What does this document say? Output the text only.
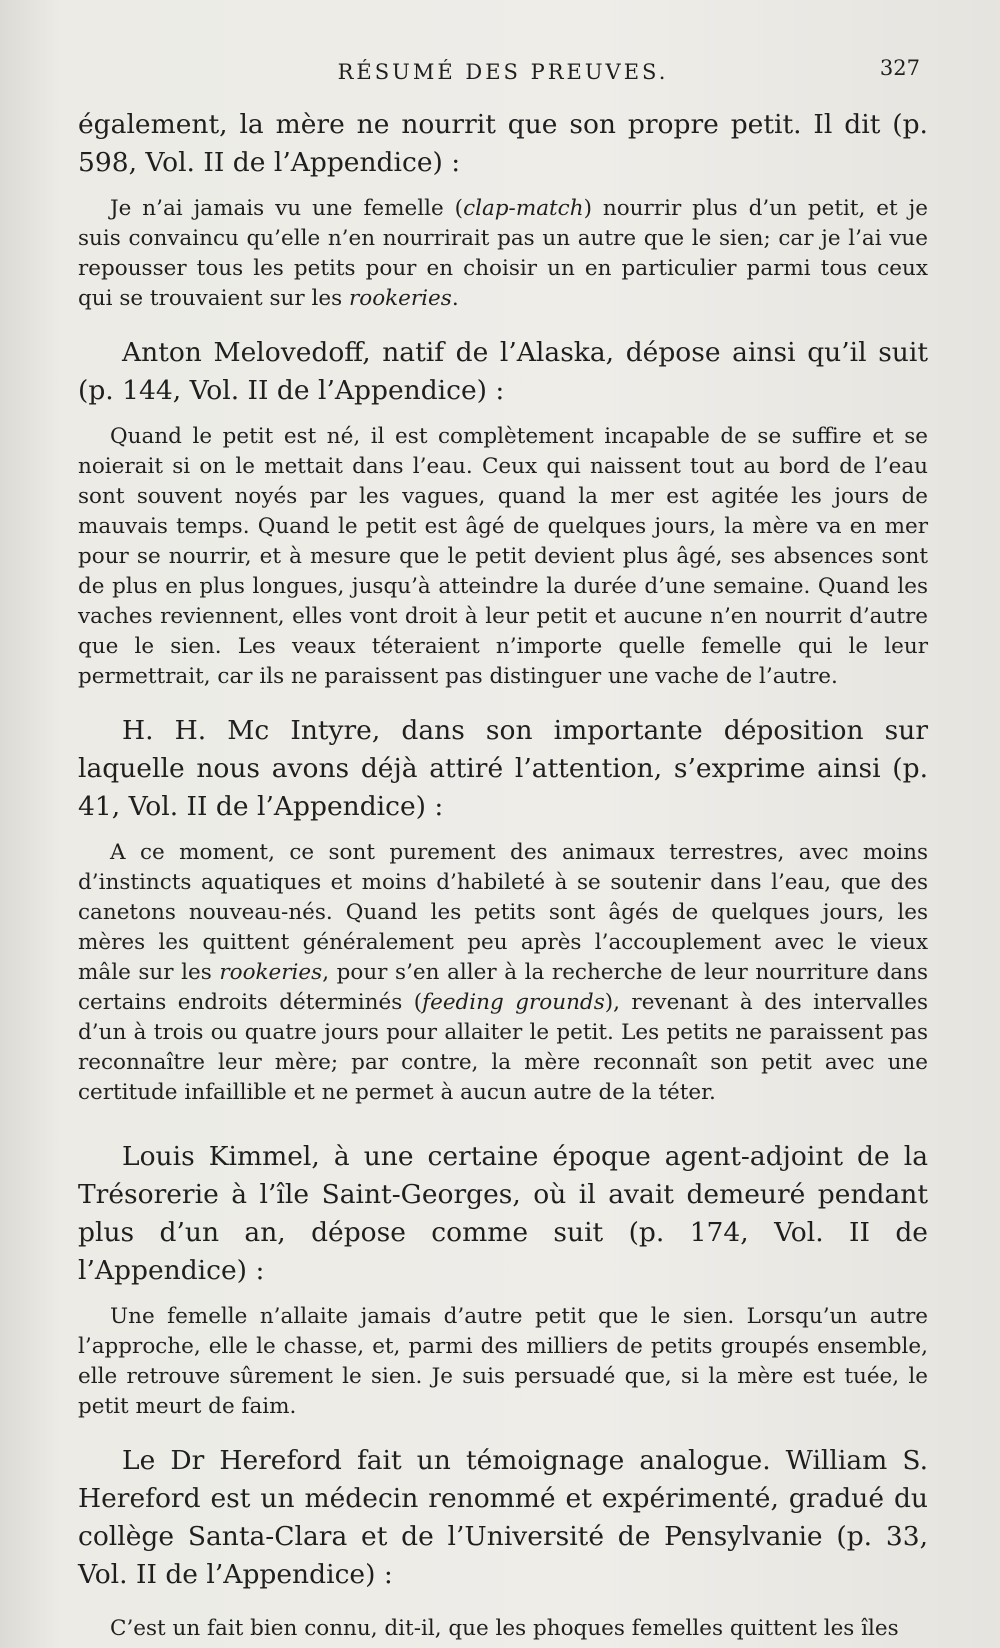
RÉSUMÉ DES PREUVES.	327

également, la mère ne nourrit que son propre petit. Il dit (p. 598, Vol. II de l’Appendice) :

Je n’ai jamais vu une femelle (clap-match) nourrir plus d’un petit, et je suis convaincu qu’elle n’en nourrirait pas un autre que le sien; car je l’ai vue repousser tous les petits pour en choisir un en particulier parmi tous ceux qui se trouvaient sur les rookeries.

Anton Melovedoff, natif de l’Alaska, dépose ainsi qu’il suit (p. 144, Vol. II de l’Appendice) :

Quand le petit est né, il est complètement incapable de se suffire et se noierait si on le mettait dans l’eau. Ceux qui naissent tout au bord de l’eau sont souvent noyés par les vagues, quand la mer est agitée les jours de mauvais temps. Quand le petit est âgé de quelques jours, la mère va en mer pour se nourrir, et à mesure que le petit devient plus âgé, ses absences sont de plus en plus longues, jusqu’à atteindre la durée d’une semaine. Quand les vaches reviennent, elles vont droit à leur petit et aucune n’en nourrit d’autre que le sien. Les veaux téteraient n’importe quelle femelle qui le leur permettrait, car ils ne paraissent pas distinguer une vache de l’autre.

H. H. Mc Intyre, dans son importante déposition sur laquelle nous avons déjà attiré l’attention, s’exprime ainsi (p. 41, Vol. II de l’Appendice) :

A ce moment, ce sont purement des animaux terrestres, avec moins d’instincts aquatiques et moins d’habileté à se soutenir dans l’eau, que des canetons nouveau-nés. Quand les petits sont âgés de quelques jours, les mères les quittent généralement peu après l’accouplement avec le vieux mâle sur les rookeries, pour s’en aller à la recherche de leur nourriture dans certains endroits déterminés (feeding grounds), revenant à des intervalles d’un à trois ou quatre jours pour allaiter le petit. Les petits ne paraissent pas reconnaître leur mère; par contre, la mère reconnaît son petit avec une certitude infaillible et ne permet à aucun autre de la téter.

Louis Kimmel, à une certaine époque agent-adjoint de la Trésorerie à l’île Saint-Georges, où il avait demeuré pendant plus d’un an, dépose comme suit (p. 174, Vol. II de l’Appendice) :

Une femelle n’allaite jamais d’autre petit que le sien. Lorsqu’un autre l’approche, elle le chasse, et, parmi des milliers de petits groupés ensemble, elle retrouve sûrement le sien. Je suis persuadé que, si la mère est tuée, le petit meurt de faim.

Le Dr Hereford fait un témoignage analogue. William S. Hereford est un médecin renommé et expérimenté, gradué du collège Santa-Clara et de l’Université de Pensylvanie (p. 33, Vol. II de l’Appendice) :

C’est un fait bien connu, dit-il, que les phoques femelles quittent les îles
